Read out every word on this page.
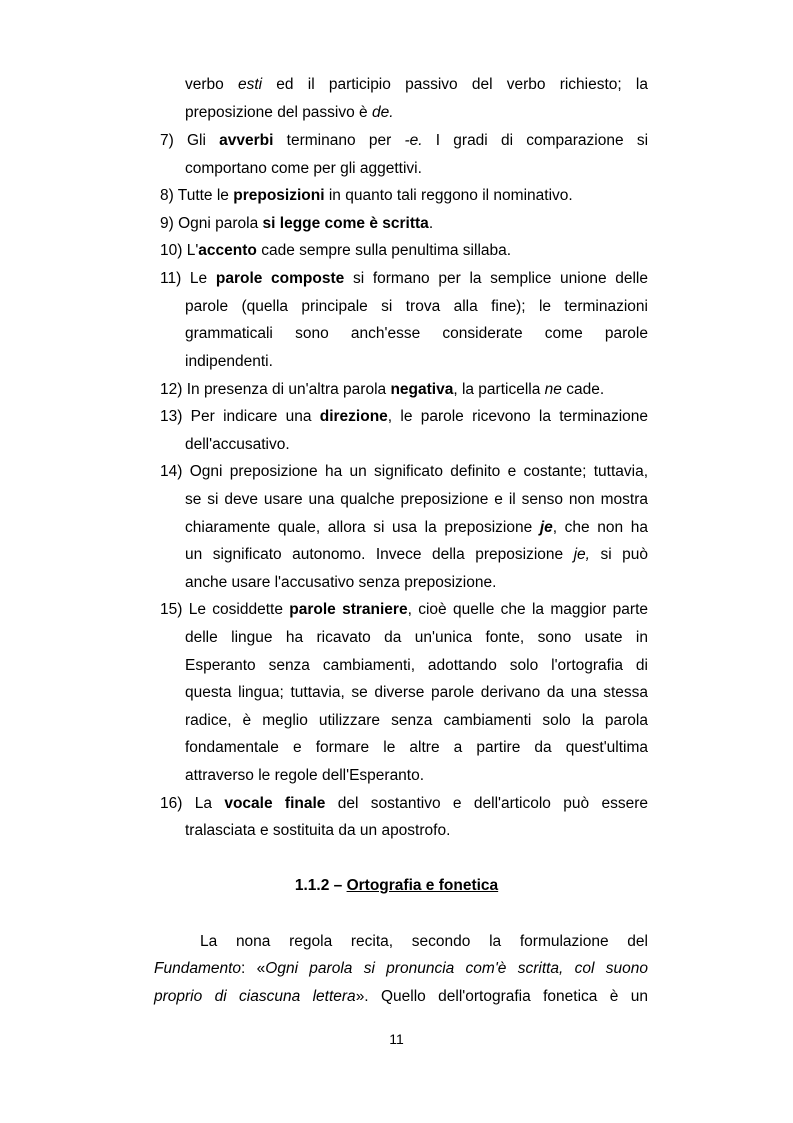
verbo esti ed il participio passivo del verbo richiesto; la
preposizione del passivo è de.
7) Gli avverbi terminano per -e. I gradi di comparazione si
comportano come per gli aggettivi.
8) Tutte le preposizioni in quanto tali reggono il nominativo.
9) Ogni parola si legge come è scritta.
10) L'accento cade sempre sulla penultima sillaba.
11) Le parole composte si formano per la semplice unione delle
parole (quella principale si trova alla fine); le terminazioni
grammaticali sono anch'esse considerate come parole
indipendenti.
12) In presenza di un'altra parola negativa, la particella ne cade.
13) Per indicare una direzione, le parole ricevono la terminazione
dell'accusativo.
14) Ogni preposizione ha un significato definito e costante; tuttavia,
se si deve usare una qualche preposizione e il senso non mostra
chiaramente quale, allora si usa la preposizione je, che non ha
un significato autonomo. Invece della preposizione je, si può
anche usare l'accusativo senza preposizione.
15) Le cosiddette parole straniere, cioè quelle che la maggior parte
delle lingue ha ricavato da un'unica fonte, sono usate in
Esperanto senza cambiamenti, adottando solo l'ortografia di
questa lingua; tuttavia, se diverse parole derivano da una stessa
radice, è meglio utilizzare senza cambiamenti solo la parola
fondamentale e formare le altre a partire da quest'ultima
attraverso le regole dell'Esperanto.
16) La vocale finale del sostantivo e dell'articolo può essere
tralasciata e sostituita da un apostrofo.
La nona regola recita, secondo la formulazione del
Fundamento: «Ogni parola si pronuncia com'è scritta, col suono
proprio di ciascuna lettera». Quello dell'ortografia fonetica è un
1.1.2 – Ortografia e fonetica
11
